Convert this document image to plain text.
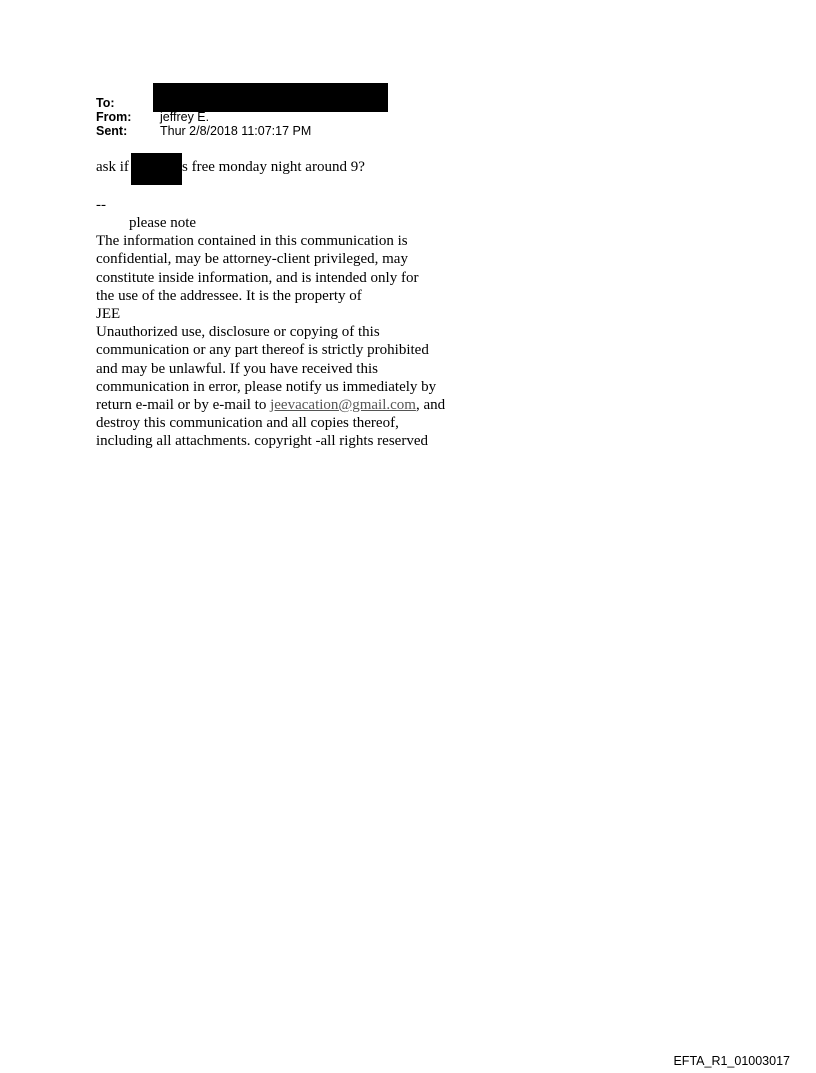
To:
From: jeffrey E.
Sent:	Thur 2/8/2018 11:07:17 PM
ask if	s free monday night around 9?
--
please note
The information contained in this communication is
confidential, may be attorney-client privileged, may
constitute inside information, and is intended only for
the use of the addressee. It is the property of
JEE
Unauthorized use, disclosure or copying of this
communication or any part thereof is strictly prohibited
and may be unlawful. If you have received this
communication in error, please notify us immediately by
return e-mail or by e-mail to jeevacation@gmail.com, and
destroy this communication and all copies thereof,
including all attachments. copyright -all rights reserved
EFTA_R1_01003017
